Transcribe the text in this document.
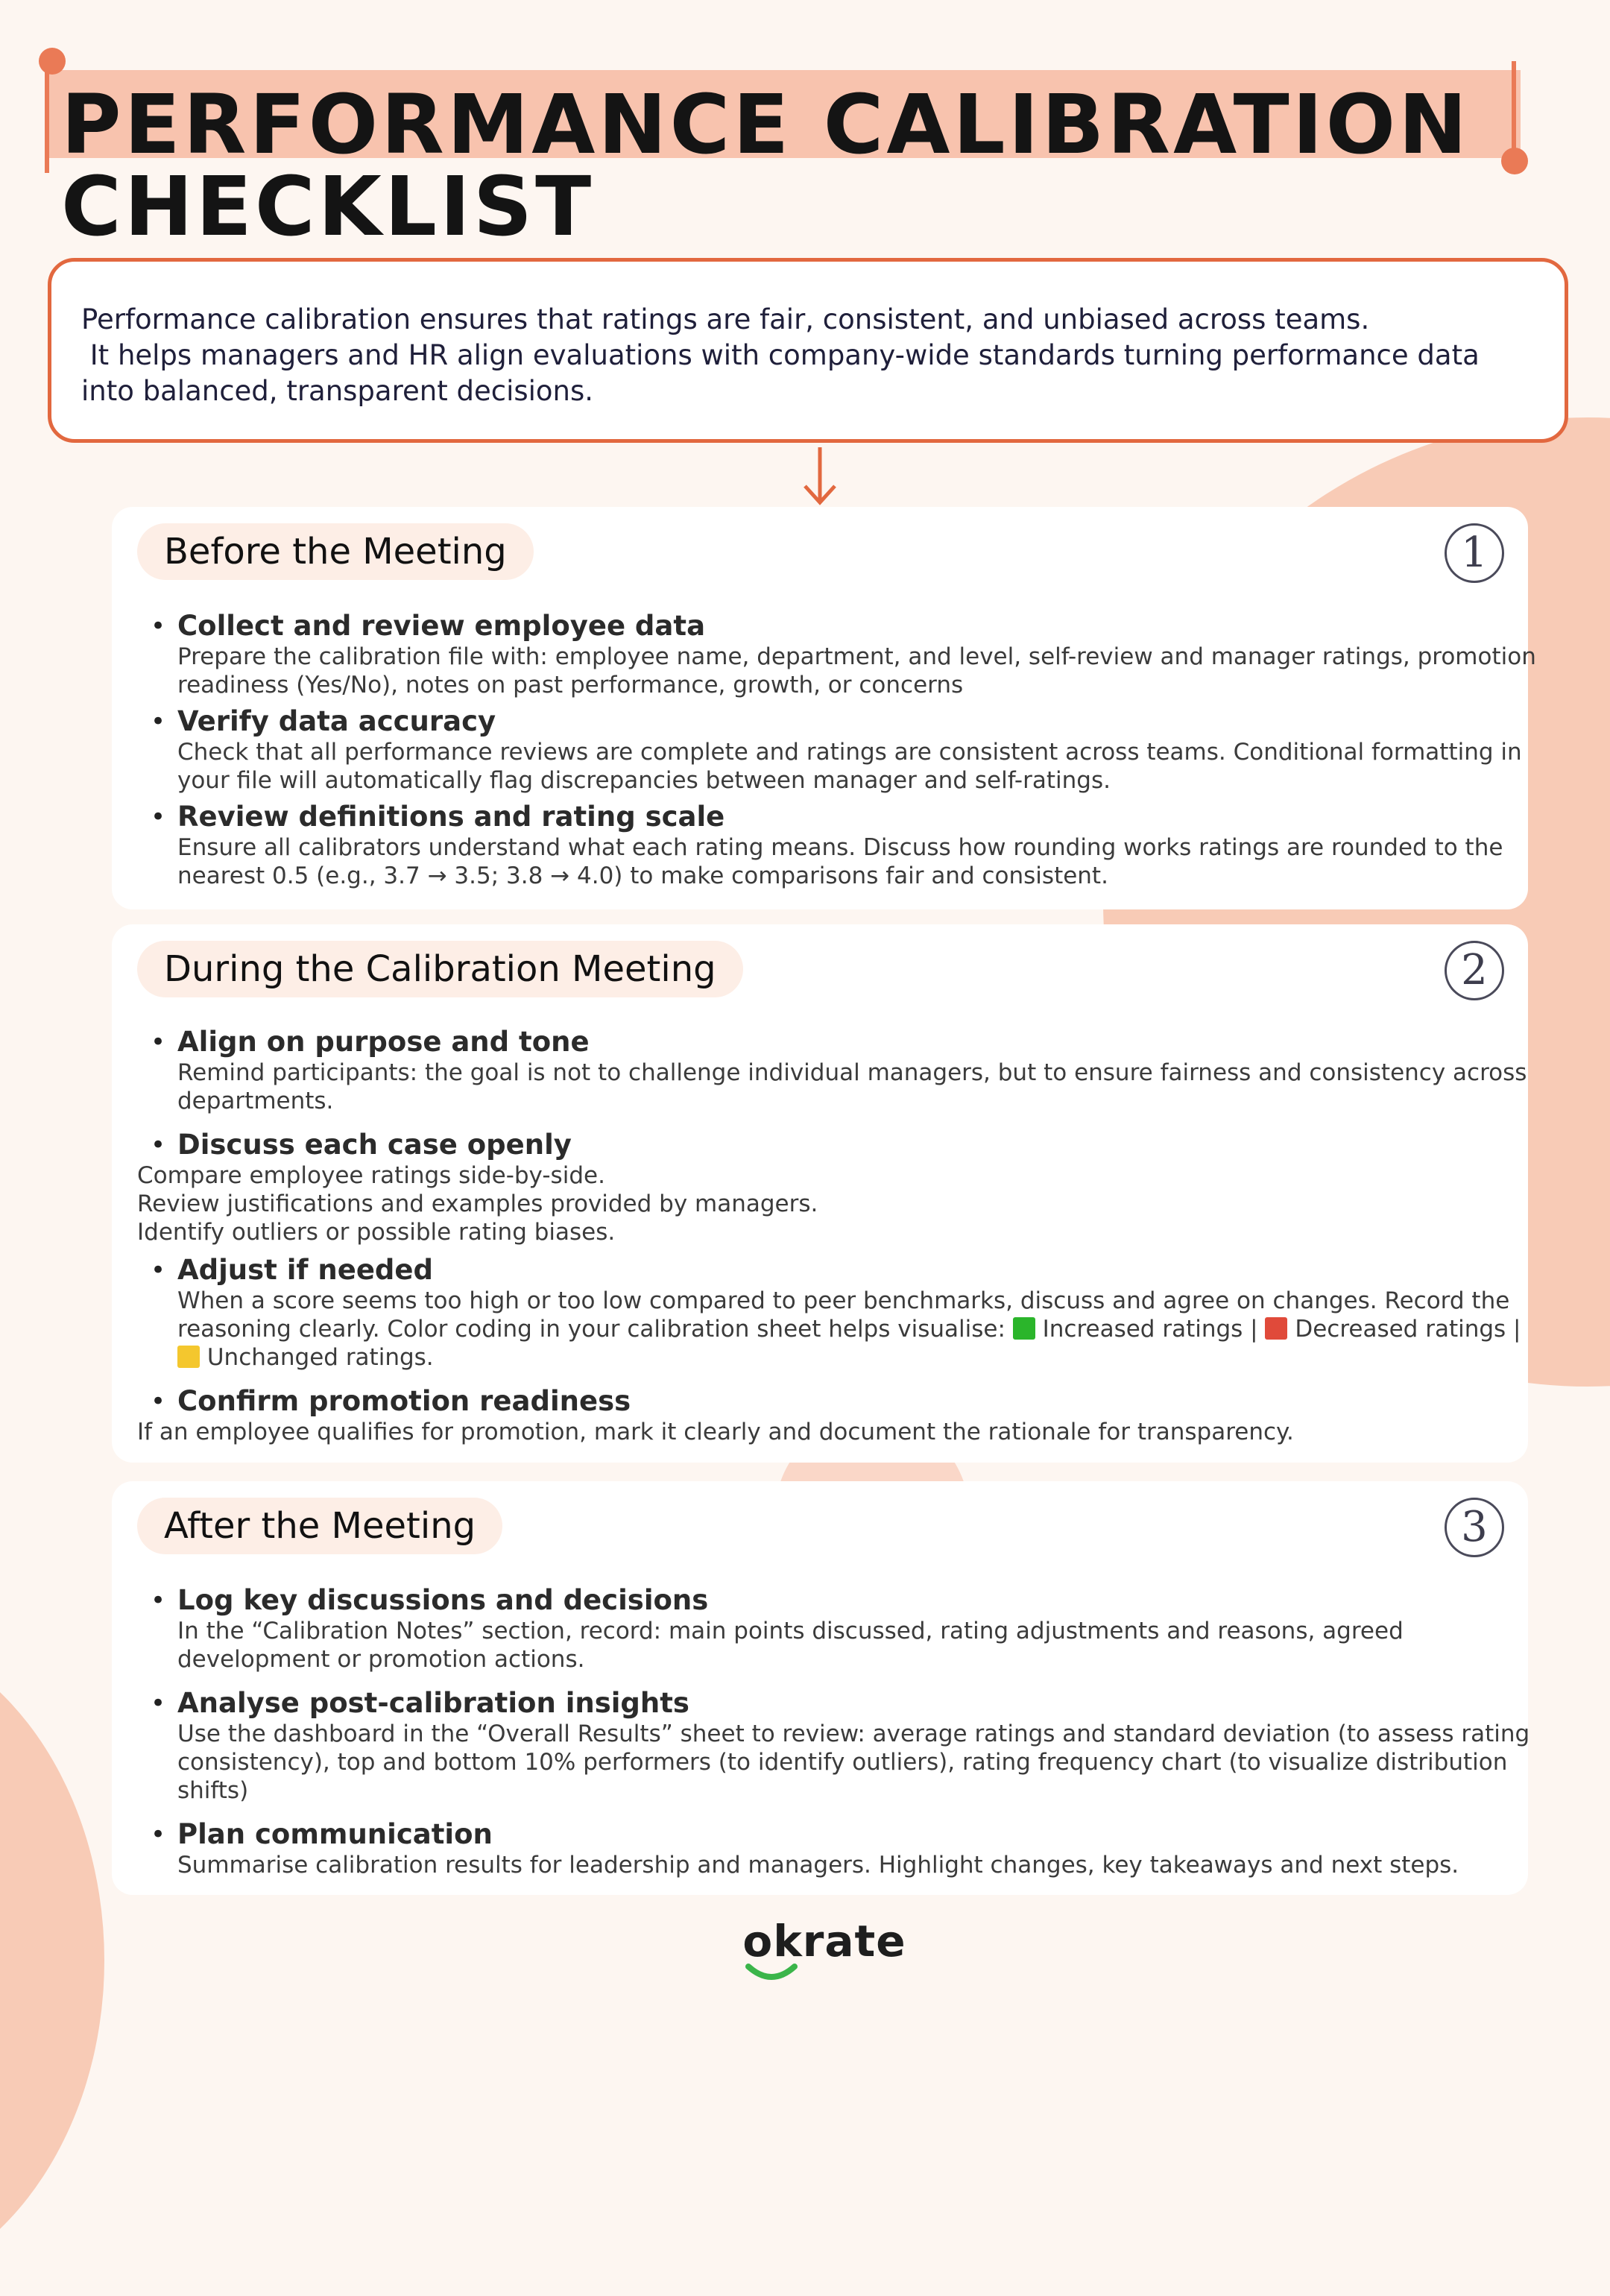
PERFORMANCE CALIBRATION
CHECKLIST

Performance calibration ensures that ratings are fair, consistent, and unbiased across teams.

It helps managers and HR align evaluations with company-wide standards turning performance data

into balanced, transparent decisions.

Before the Meeting	1
• Collect and review employee data
Prepare the calibration file with: employee name, department, and level, self-review and manager ratings, promotion
readiness (Yes/No), notes on past performance, growth, or concerns
• Verify data accuracy
Check that all performance reviews are complete and ratings are consistent across teams. Conditional formatting in
your file will automatically flag discrepancies between manager and self-ratings.
• Review definitions and rating scale
Ensure all calibrators understand what each rating means. Discuss how rounding works ratings are rounded to the
nearest 0.5 (e.g., 3.7 → 3.5; 3.8 → 4.0) to make comparisons fair and consistent.
During the Calibration Meeting	2
• Align on purpose and tone
Remind participants: the goal is not to challenge individual managers, but to ensure fairness and consistency across
departments.
• Discuss each case openly
Compare employee ratings side-by-side.
Review justifications and examples provided by managers.
Identify outliers or possible rating biases.
• Adjust if needed
When a score seems too high or too low compared to peer benchmarks, discuss and agree on changes. Record the
reasoning clearly. Color coding in your calibration sheet helps visualise: Increased ratings | Decreased ratings |
Unchanged ratings.
• Confirm promotion readiness
If an employee qualifies for promotion, mark it clearly and document the rationale for transparency.
After the Meeting	3
• Log key discussions and decisions
In the “Calibration Notes” section, record: main points discussed, rating adjustments and reasons, agreed
development or promotion actions.
• Analyse post-calibration insights
Use the dashboard in the “Overall Results” sheet to review: average ratings and standard deviation (to assess rating
consistency), top and bottom 10% performers (to identify outliers), rating frequency chart (to visualize distribution
shifts)
• Plan communication
Summarise calibration results for leadership and managers. Highlight changes, key takeaways and next steps.
okrate
